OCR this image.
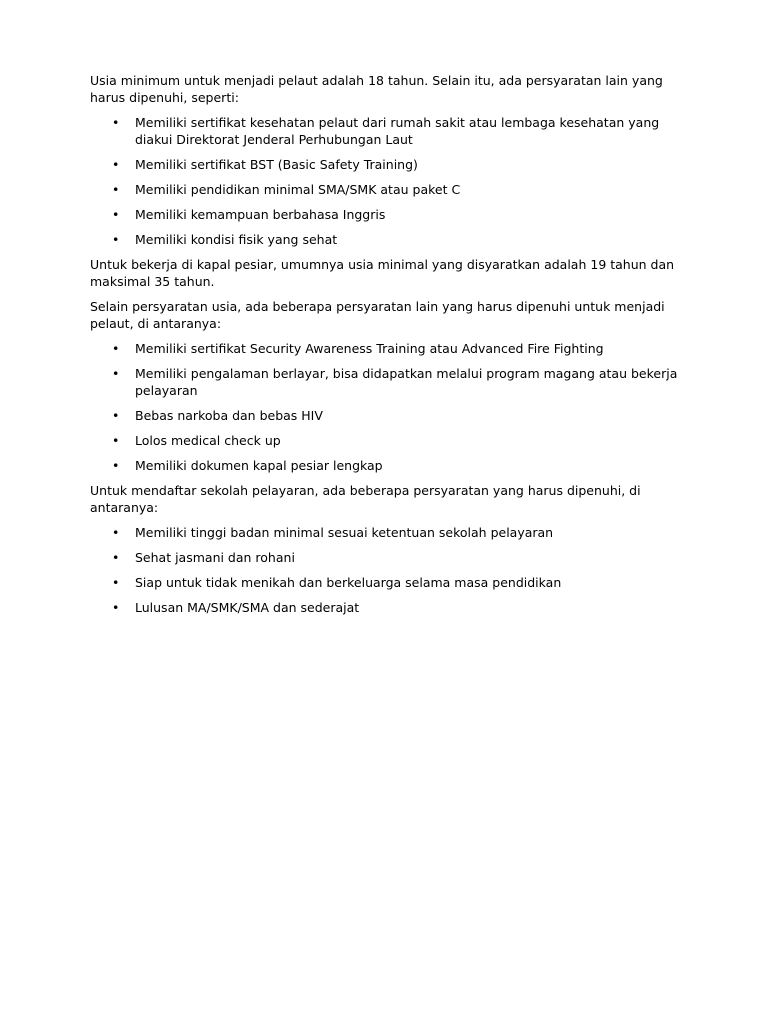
Usia minimum untuk menjadi pelaut adalah 18 tahun. Selain itu, ada persyaratan lain yang harus dipenuhi, seperti:

• Memiliki sertifikat kesehatan pelaut dari rumah sakit atau lembaga kesehatan yang diakui Direktorat Jenderal Perhubungan Laut
• Memiliki sertifikat BST (Basic Safety Training)
• Memiliki pendidikan minimal SMA/SMK atau paket C
• Memiliki kemampuan berbahasa Inggris
• Memiliki kondisi fisik yang sehat

Untuk bekerja di kapal pesiar, umumnya usia minimal yang disyaratkan adalah 19 tahun dan maksimal 35 tahun.

Selain persyaratan usia, ada beberapa persyaratan lain yang harus dipenuhi untuk menjadi pelaut, di antaranya:

• Memiliki sertifikat Security Awareness Training atau Advanced Fire Fighting
• Memiliki pengalaman berlayar, bisa didapatkan melalui program magang atau bekerja pelayaran
• Bebas narkoba dan bebas HIV
• Lolos medical check up
• Memiliki dokumen kapal pesiar lengkap

Untuk mendaftar sekolah pelayaran, ada beberapa persyaratan yang harus dipenuhi, di antaranya:

• Memiliki tinggi badan minimal sesuai ketentuan sekolah pelayaran
• Sehat jasmani dan rohani
• Siap untuk tidak menikah dan berkeluarga selama masa pendidikan
• Lulusan MA/SMK/SMA dan sederajat
